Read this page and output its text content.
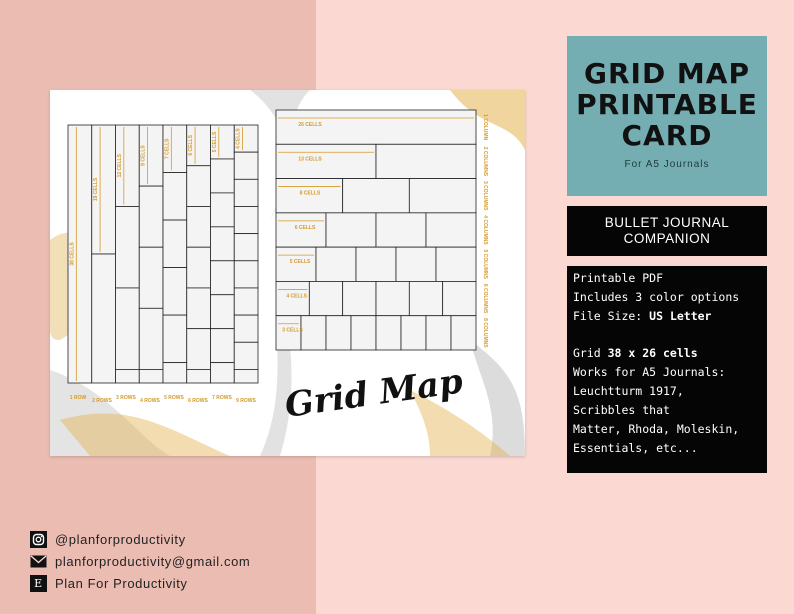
38 CELLS
19 CELLS
12 CELLS	9 CELLS	7 CELLS	6 CELLS	5 CELLS	4 CELLS
1 ROW 2 ROWS 3 ROWS 4 ROWS 5 ROWS 6 ROWS 7 ROWS 9 ROWS
26 CELLS	1 COLUMN
13 CELLS	2 COLUMNS
8 CELLS	3 COLUMNS
6 CELLS	4 COLUMNS
5 CELLS	5 COLUMNS
4 CELLS	6 COLUMNS
3 CELLS	8 COLUMNS
Grid Map
GRID MAP
PRINTABLE
CARD
For A5 Journals
BULLET JOURNAL
COMPANION
Printable PDF
Includes 3 color options
File Size: US Letter
Grid 38 x 26 cells
Works for A5 Journals:
Leuchtturm 1917,
Scribbles that
Matter, Rhoda, Moleskin,
Essentials, etc...
@planforproductivity
planforproductivity@gmail.com
E Plan For Productivity
